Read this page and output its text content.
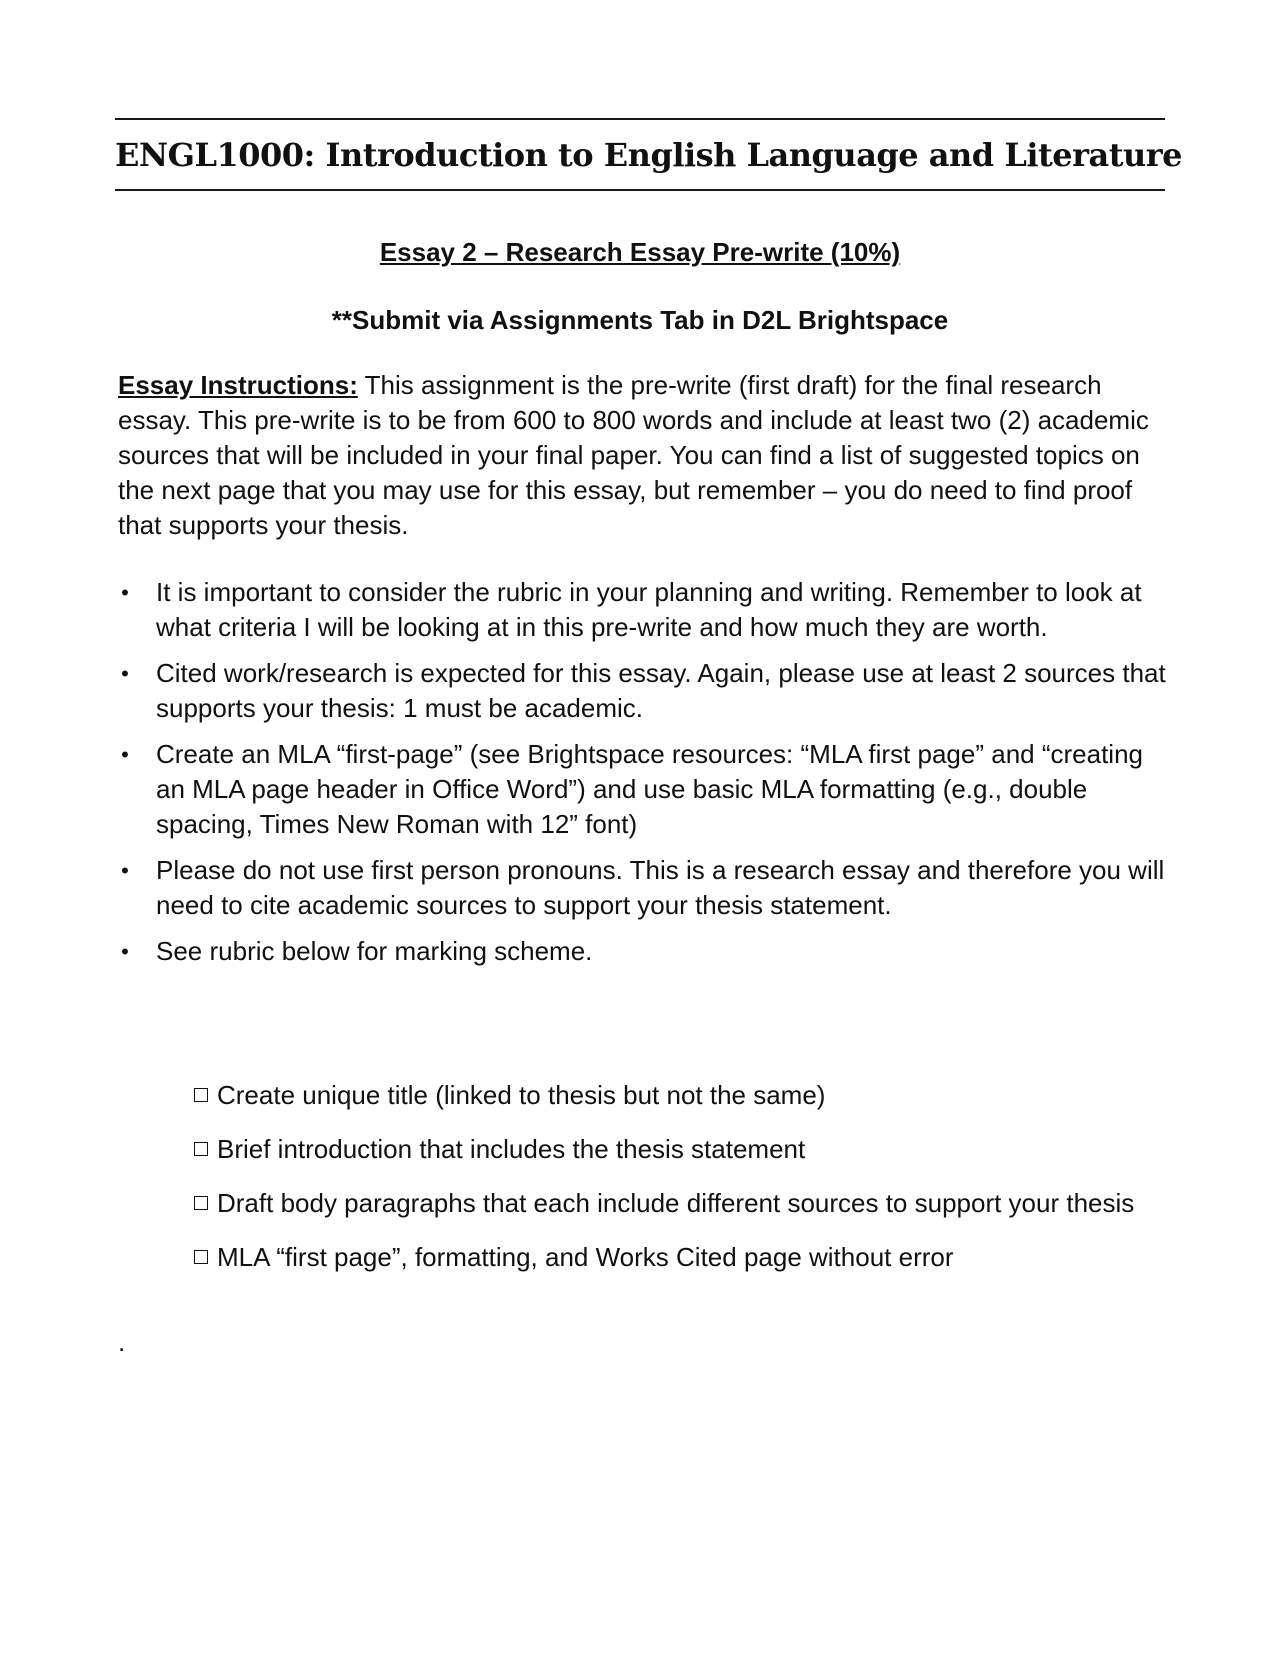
ENGL1000: Introduction to English Language and Literature
Essay 2 – Research Essay Pre-write (10%)
**Submit via Assignments Tab in D2L Brightspace

Essay Instructions: This assignment is the pre-write (first draft) for the final research essay. This pre-write is to be from 600 to 800 words and include at least two (2) academic sources that will be included in your final paper. You can find a list of suggested topics on the next page that you may use for this essay, but remember – you do need to find proof that supports your thesis.

• It is important to consider the rubric in your planning and writing. Remember to look at what criteria I will be looking at in this pre-write and how much they are worth.
• Cited work/research is expected for this essay. Again, please use at least 2 sources that supports your thesis: 1 must be academic.
• Create an MLA “first-page” (see Brightspace resources: “MLA first page” and “creating an MLA page header in Office Word”) and use basic MLA formatting (e.g., double spacing, Times New Roman with 12” font)
• Please do not use first person pronouns. This is a research essay and therefore you will need to cite academic sources to support your thesis statement.
• See rubric below for marking scheme.
Create unique title (linked to thesis but not the same)
Brief introduction that includes the thesis statement
Draft body paragraphs that each include different sources to support your thesis
MLA “first page”, formatting, and Works Cited page without error
.
